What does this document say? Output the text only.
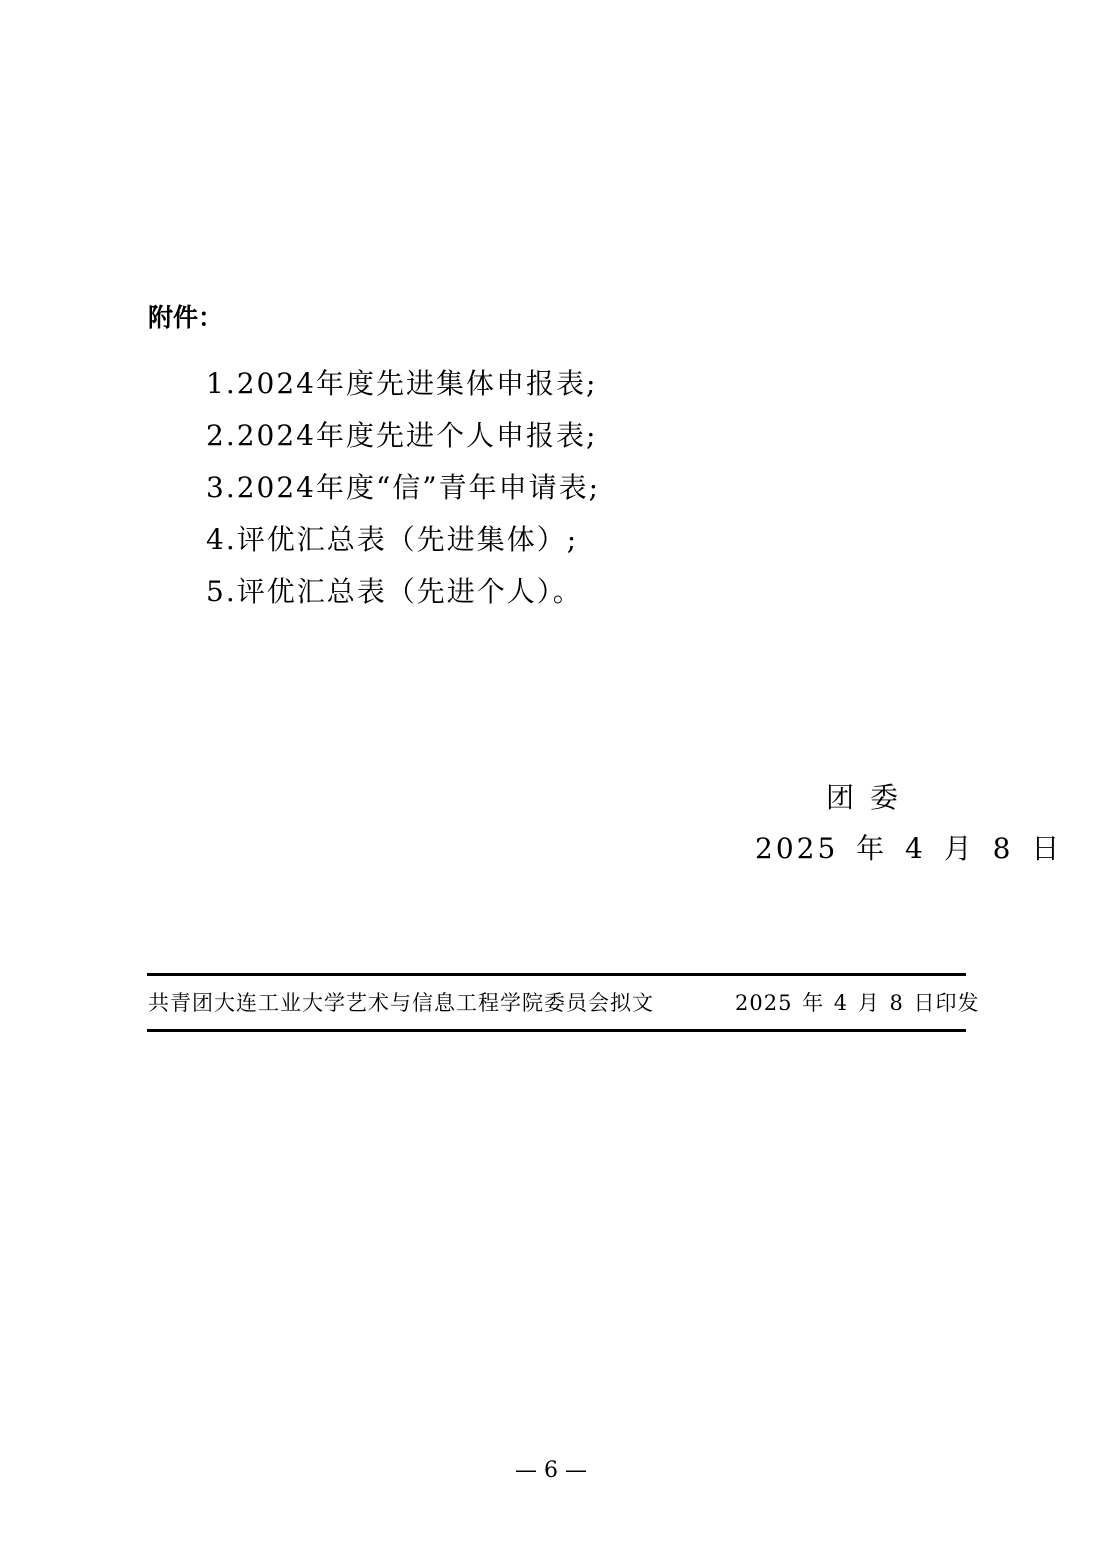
附件：
1.2024年度先进集体申报表;
2.2024年度先进个人申报表;
3.2024年度“信”青年申请表;
4.评优汇总表（先进集体）;
5.评优汇总表（先进个人）。
团委
2025 年 4 月 8 日
共青团大连工业大学艺术与信息工程学院委员会拟文	2025 年 4 月 8 日印发
— 6 —
